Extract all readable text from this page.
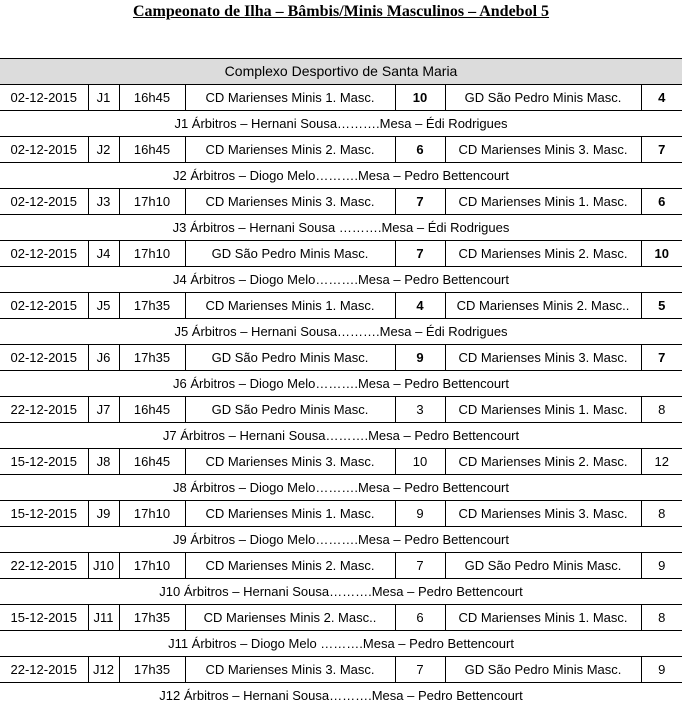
Campeonato de Ilha – Bâmbis/Minis Masculinos – Andebol 5
Complexo Desportivo de Santa Maria						
02-12-2015	J1	16h45	CD Marienses Minis 1. Masc.	10	GD São Pedro Minis Masc.	4
J1 Árbitros – Hernani Sousa……….Mesa – Édi Rodrigues						
02-12-2015	J2	16h45	CD Marienses Minis 2. Masc.	6	CD Marienses Minis 3. Masc.	7
J2 Árbitros – Diogo Melo……….Mesa – Pedro Bettencourt						
02-12-2015	J3	17h10	CD Marienses Minis 3. Masc.	7	CD Marienses Minis 1. Masc.	6
J3 Árbitros – Hernani Sousa ……….Mesa – Édi Rodrigues						
02-12-2015	J4	17h10	GD São Pedro Minis Masc.	7	CD Marienses Minis 2. Masc.	10
J4 Árbitros – Diogo Melo……….Mesa – Pedro Bettencourt						
02-12-2015	J5	17h35	CD Marienses Minis 1. Masc.	4	CD Marienses Minis 2. Masc..	5
J5 Árbitros – Hernani Sousa……….Mesa – Édi Rodrigues						
02-12-2015	J6	17h35	GD São Pedro Minis Masc.	9	CD Marienses Minis 3. Masc.	7
J6 Árbitros – Diogo Melo……….Mesa – Pedro Bettencourt						
22-12-2015	J7	16h45	GD São Pedro Minis Masc.	3	CD Marienses Minis 1. Masc.	8
J7 Árbitros – Hernani Sousa……….Mesa – Pedro Bettencourt						
15-12-2015	J8	16h45	CD Marienses Minis 3. Masc.	10	CD Marienses Minis 2. Masc.	12
J8 Árbitros – Diogo Melo……….Mesa – Pedro Bettencourt						
15-12-2015	J9	17h10	CD Marienses Minis 1. Masc.	9	CD Marienses Minis 3. Masc.	8
J9 Árbitros – Diogo Melo……….Mesa – Pedro Bettencourt						
22-12-2015	J10	17h10	CD Marienses Minis 2. Masc.	7	GD São Pedro Minis Masc.	9
J10 Árbitros – Hernani Sousa……….Mesa – Pedro Bettencourt						
15-12-2015	J11	17h35	CD Marienses Minis 2. Masc..	6	CD Marienses Minis 1. Masc.	8
J11 Árbitros – Diogo Melo ……….Mesa – Pedro Bettencourt						
22-12-2015	J12	17h35	CD Marienses Minis 3. Masc.	7	GD São Pedro Minis Masc.	9
J12 Árbitros – Hernani Sousa……….Mesa – Pedro Bettencourt						
